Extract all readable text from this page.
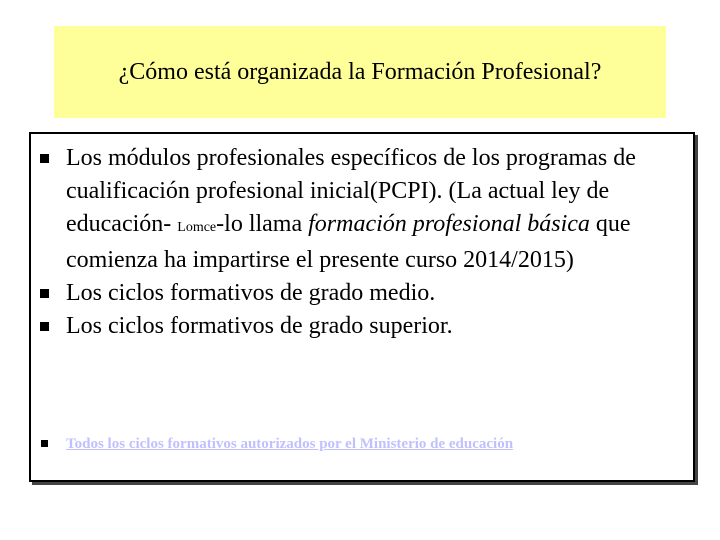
¿Cómo está organizada la Formación Profesional?
Los módulos profesionales específicos de los programas de cualificación profesional inicial(PCPI). (La actual ley de educación- Lomce-lo llama formación profesional básica que comienza ha impartirse el presente curso 2014/2015)
Los ciclos formativos de grado medio.
Los ciclos formativos de grado superior.
Todos los ciclos formativos autorizados por el Ministerio de educación
